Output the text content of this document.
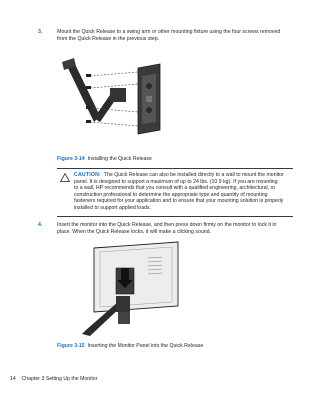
3.	Mount the Quick Release to a swing arm or other mounting fixture using the four screws removed
from the Quick Release in the previous step.
Figure 3-14 Installing the Quick Release
CAUTION: The Quick Release can also be installed directly to a wall to mount the monitor
panel. It is designed to support a maximum of up to 24 lbs. (10.9 kg). If you are mounting
to a wall, HP recommends that you consult with a qualified engineering, architectural, or
construction professional to determine the appropriate type and quantity of mounting
fasteners required for your application and to ensure that your mounting solution is properly
installed to support applied loads.
4.	Insert the monitor into the Quick Release, and then press down firmly on the monitor to lock it in
place. When the Quick Release locks, it will make a clicking sound.
Figure 3-15 Inserting the Monitor Panel into the Quick Release
14 Chapter 3 Setting Up the Monitor
